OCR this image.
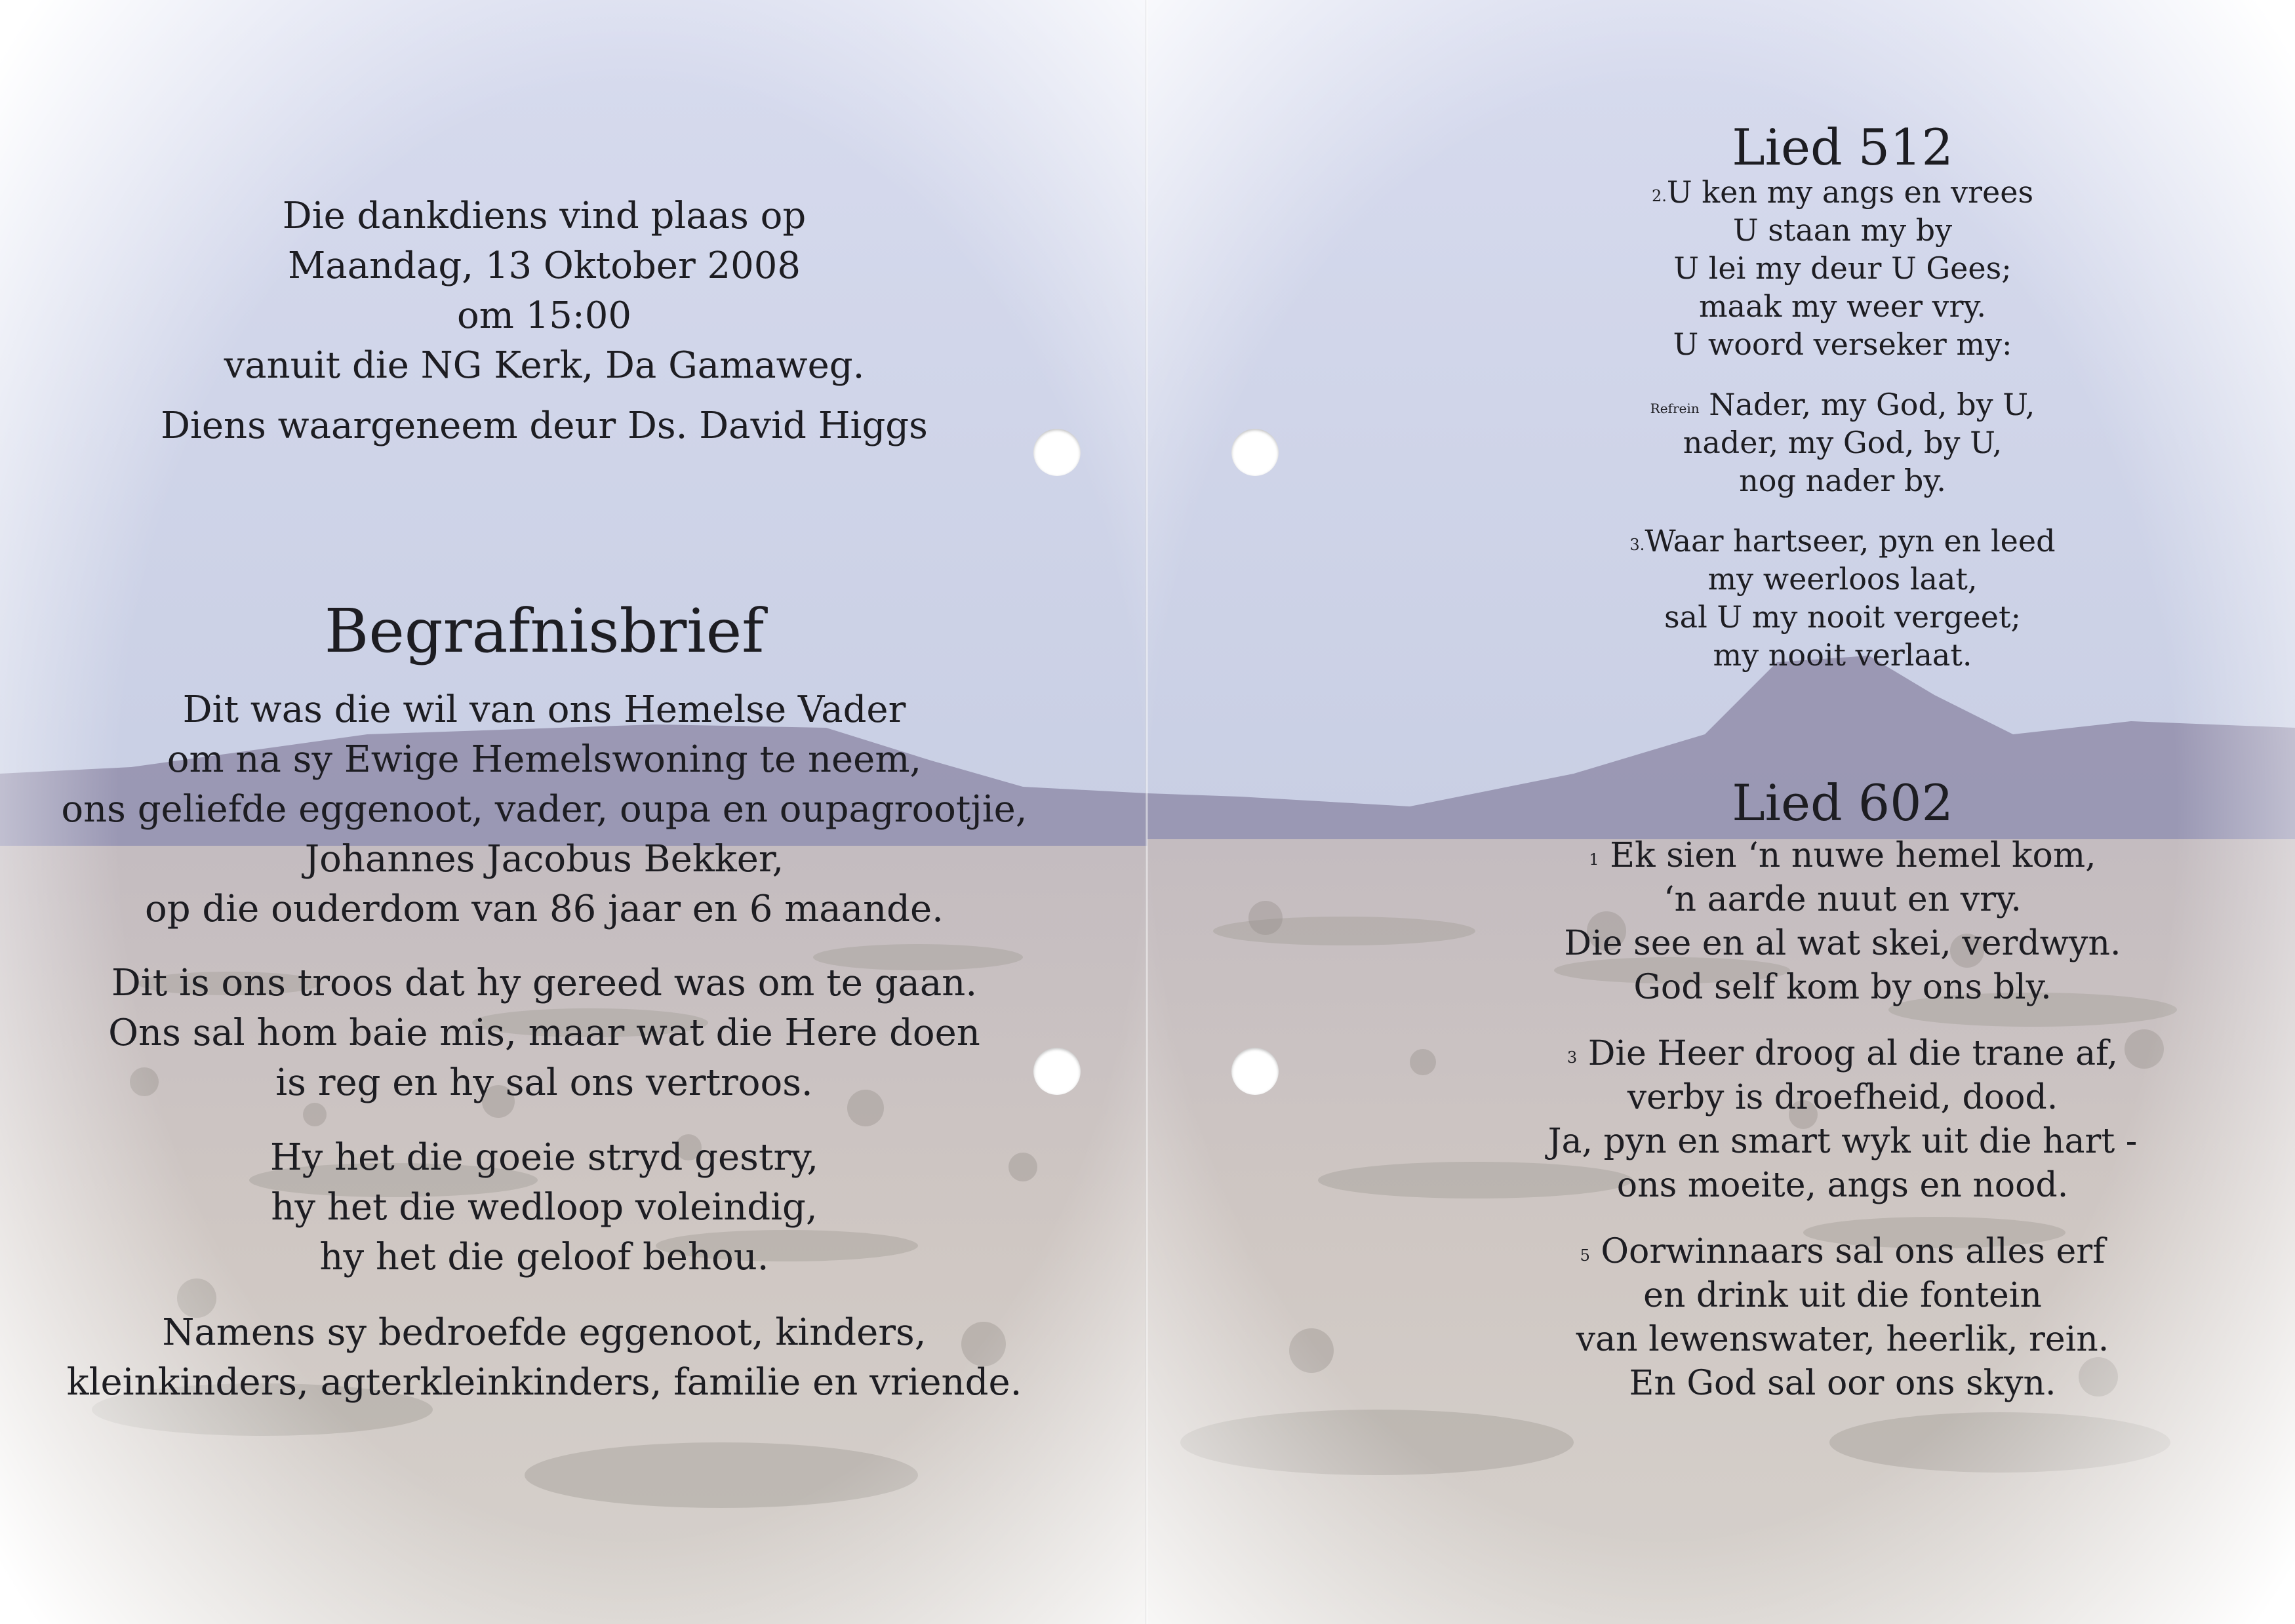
Die dankdiens vind plaas op
Maandag, 13 Oktober 2008
om 15:00
vanuit die NG Kerk, Da Gamaweg.
Diens waargeneem deur Ds. David Higgs
Begrafnisbrief
Dit was die wil van ons Hemelse Vader
om na sy Ewige Hemelswoning te neem,
ons geliefde eggenoot, vader, oupa en oupagrootjie,
Johannes Jacobus Bekker,
op die ouderdom van 86 jaar en 6 maande.
Dit is ons troos dat hy gereed was om te gaan.
Ons sal hom baie mis, maar wat die Here doen
is reg en hy sal ons vertroos.
Hy het die goeie stryd gestry,
hy het die wedloop voleindig,
hy het die geloof behou.
Namens sy bedroefde eggenoot, kinders,
kleinkinders, agterkleinkinders, familie en vriende.
Lied 512
$^{2.}$U ken my angs en vrees
U staan my by
U lei my deur U Gees;
maak my weer vry.
U woord verseker my:
$^{Refrein}$ Nader, my God, by U,
nader, my God, by U,
nog nader by.
$^{3.}$Waar hartseer, pyn en leed
my weerloos laat,
sal U my nooit vergeet;
my nooit verlaat.
Lied 602
$^1$ Ek sien ‘n nuwe hemel kom,
‘n aarde nuut en vry.
Die see en al wat skei, verdwyn.
God self kom by ons bly.
$^3$ Die Heer droog al die trane af,
verby is droefheid, dood.
Ja, pyn en smart wyk uit die hart -
ons moeite, angs en nood.
$^5$ Oorwinnaars sal ons alles erf
en drink uit die fontein
van lewenswater, heerlik, rein.
En God sal oor ons skyn.
